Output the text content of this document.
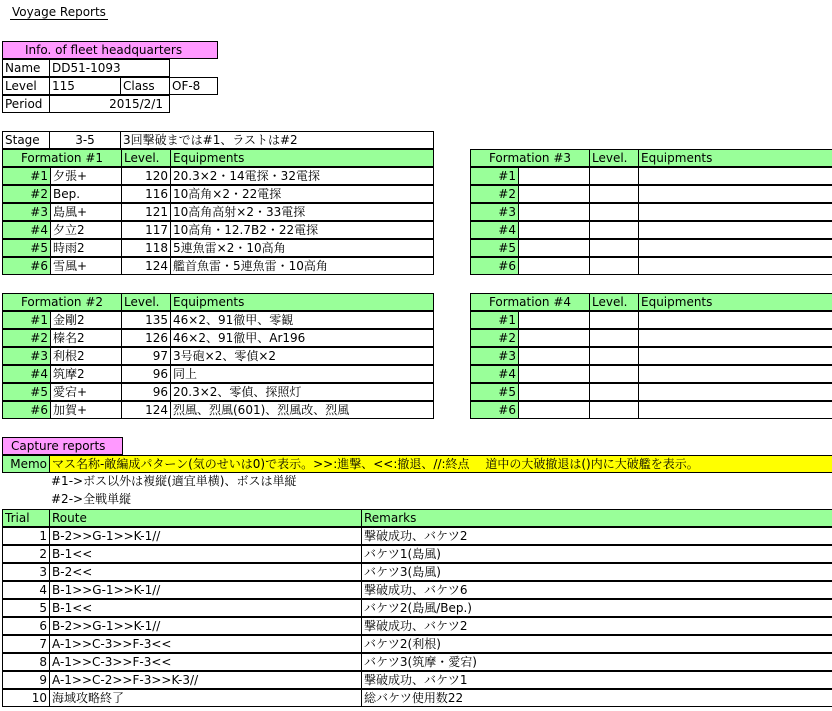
Voyage Reports
Info. of fleet headquarters
Name DD51-1093
Level	115	Class	OF-8
Period	2015/2/1
Stage	3-5	3回撃破までは#1、ラストは#2
Formation #1	Level.	Equipments
#1 夕張+	120 20.3×2・14電探・32電探
#2 Bep.	116 10高角×2・22電探
#3 島風+	121 10高角高射×2・33電探
#4 夕立2	117 10高角・12.7B2・22電探
#5 時雨2	118 5連魚雷×2・10高角
#6 雪風+	124 艦首魚雷・5連魚雷・10高角
Formation #2	Level.	Equipments
#1 金剛2	135 46×2、91徹甲、零観
#2 榛名2	126 46×2、91徹甲、Ar196
#3 利根2	97 3号砲×2、零偵×2
#4 筑摩2	96 同上
#5 愛宕+	96 20.3×2、零偵、探照灯
#6 加賀+	124 烈風、烈風(601)、烈風改、烈風
Formation #3	Level.	Equipments
#1
#2
#3
#4
#5
#6
Formation #4	Level.	Equipments
#1
#2
#3
#4
#5
#6
Capture reports
Memo マス名称-敵編成パターン(気のせいは0)で表示。>>:進撃、<<:撤退、//:終点　 道中の大破撤退は()内に大破艦を表示。
#1->ボス以外は複縦(適宜単横)、ボスは単縦
#2->全戦単縦
Trial	Route	Remarks
1 B-2>>G-1>>K-1//	撃破成功、バケツ2
2 B-1<<	バケツ1(島風)
3 B-2<<	バケツ3(島風)
4 B-1>>G-1>>K-1//	撃破成功、バケツ6
5 B-1<<	バケツ2(島風/Bep.)
6 B-2>>G-1>>K-1//	撃破成功、バケツ2
7 A-1>>C-3>>F-3<<	バケツ2(利根)
8 A-1>>C-3>>F-3<<	バケツ3(筑摩・愛宕)
9 A-1>>C-2>>F-3>>K-3//	撃破成功、バケツ1
10 海域攻略終了	総バケツ使用数22
